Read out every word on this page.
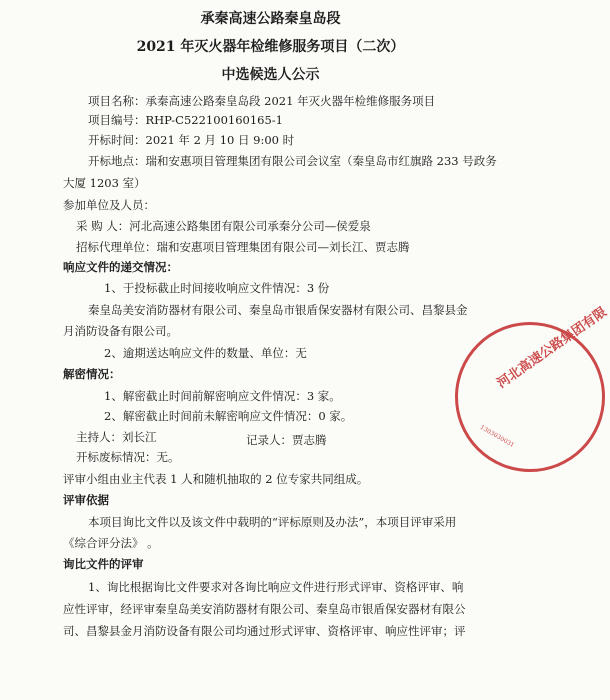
承秦高速公路秦皇岛段
2021 年灭火器年检维修服务项目（二次）
中选候选人公示
项目名称：承秦高速公路秦皇岛段 2021 年灭火器年检维修服务项目
项目编号：RHP-C522100160165-1
开标时间：2021 年 2 月 10 日 9:00 时
开标地点：瑞和安惠项目管理集团有限公司会议室（秦皇岛市红旗路 233 号政务
大厦 1203 室）
参加单位及人员：
采 购 人：河北高速公路集团有限公司承秦分公司—侯爱泉
招标代理单位：瑞和安惠项目管理集团有限公司—刘长江、贾志腾
响应文件的递交情况：
1、于投标截止时间接收响应文件情况：3 份
秦皇岛美安消防器材有限公司、秦皇岛市银盾保安器材有限公司、昌黎县金
月消防设备有限公司。
2、逾期送达响应文件的数量、单位：无
解密情况：
1、解密截止时间前解密响应文件情况：3 家。
2、解密截止时间前未解密响应文件情况：0 家。
主持人：刘长江	记录人：贾志腾
开标废标情况：无。
评审小组由业主代表 1 人和随机抽取的 2 位专家共同组成。
评审依据
本项目询比文件以及该文件中载明的“评标原则及办法”，本项目评审采用
《综合评分法》 。
询比文件的评审
1、询比根据询比文件要求对各询比响应文件进行形式评审、资格评审、响
应性评审，经评审秦皇岛美安消防器材有限公司、秦皇岛市银盾保安器材有限公
司、昌黎县金月消防设备有限公司均通过形式评审、资格评审、响应性评审；评
河北高速公路集团有限
1303030031
